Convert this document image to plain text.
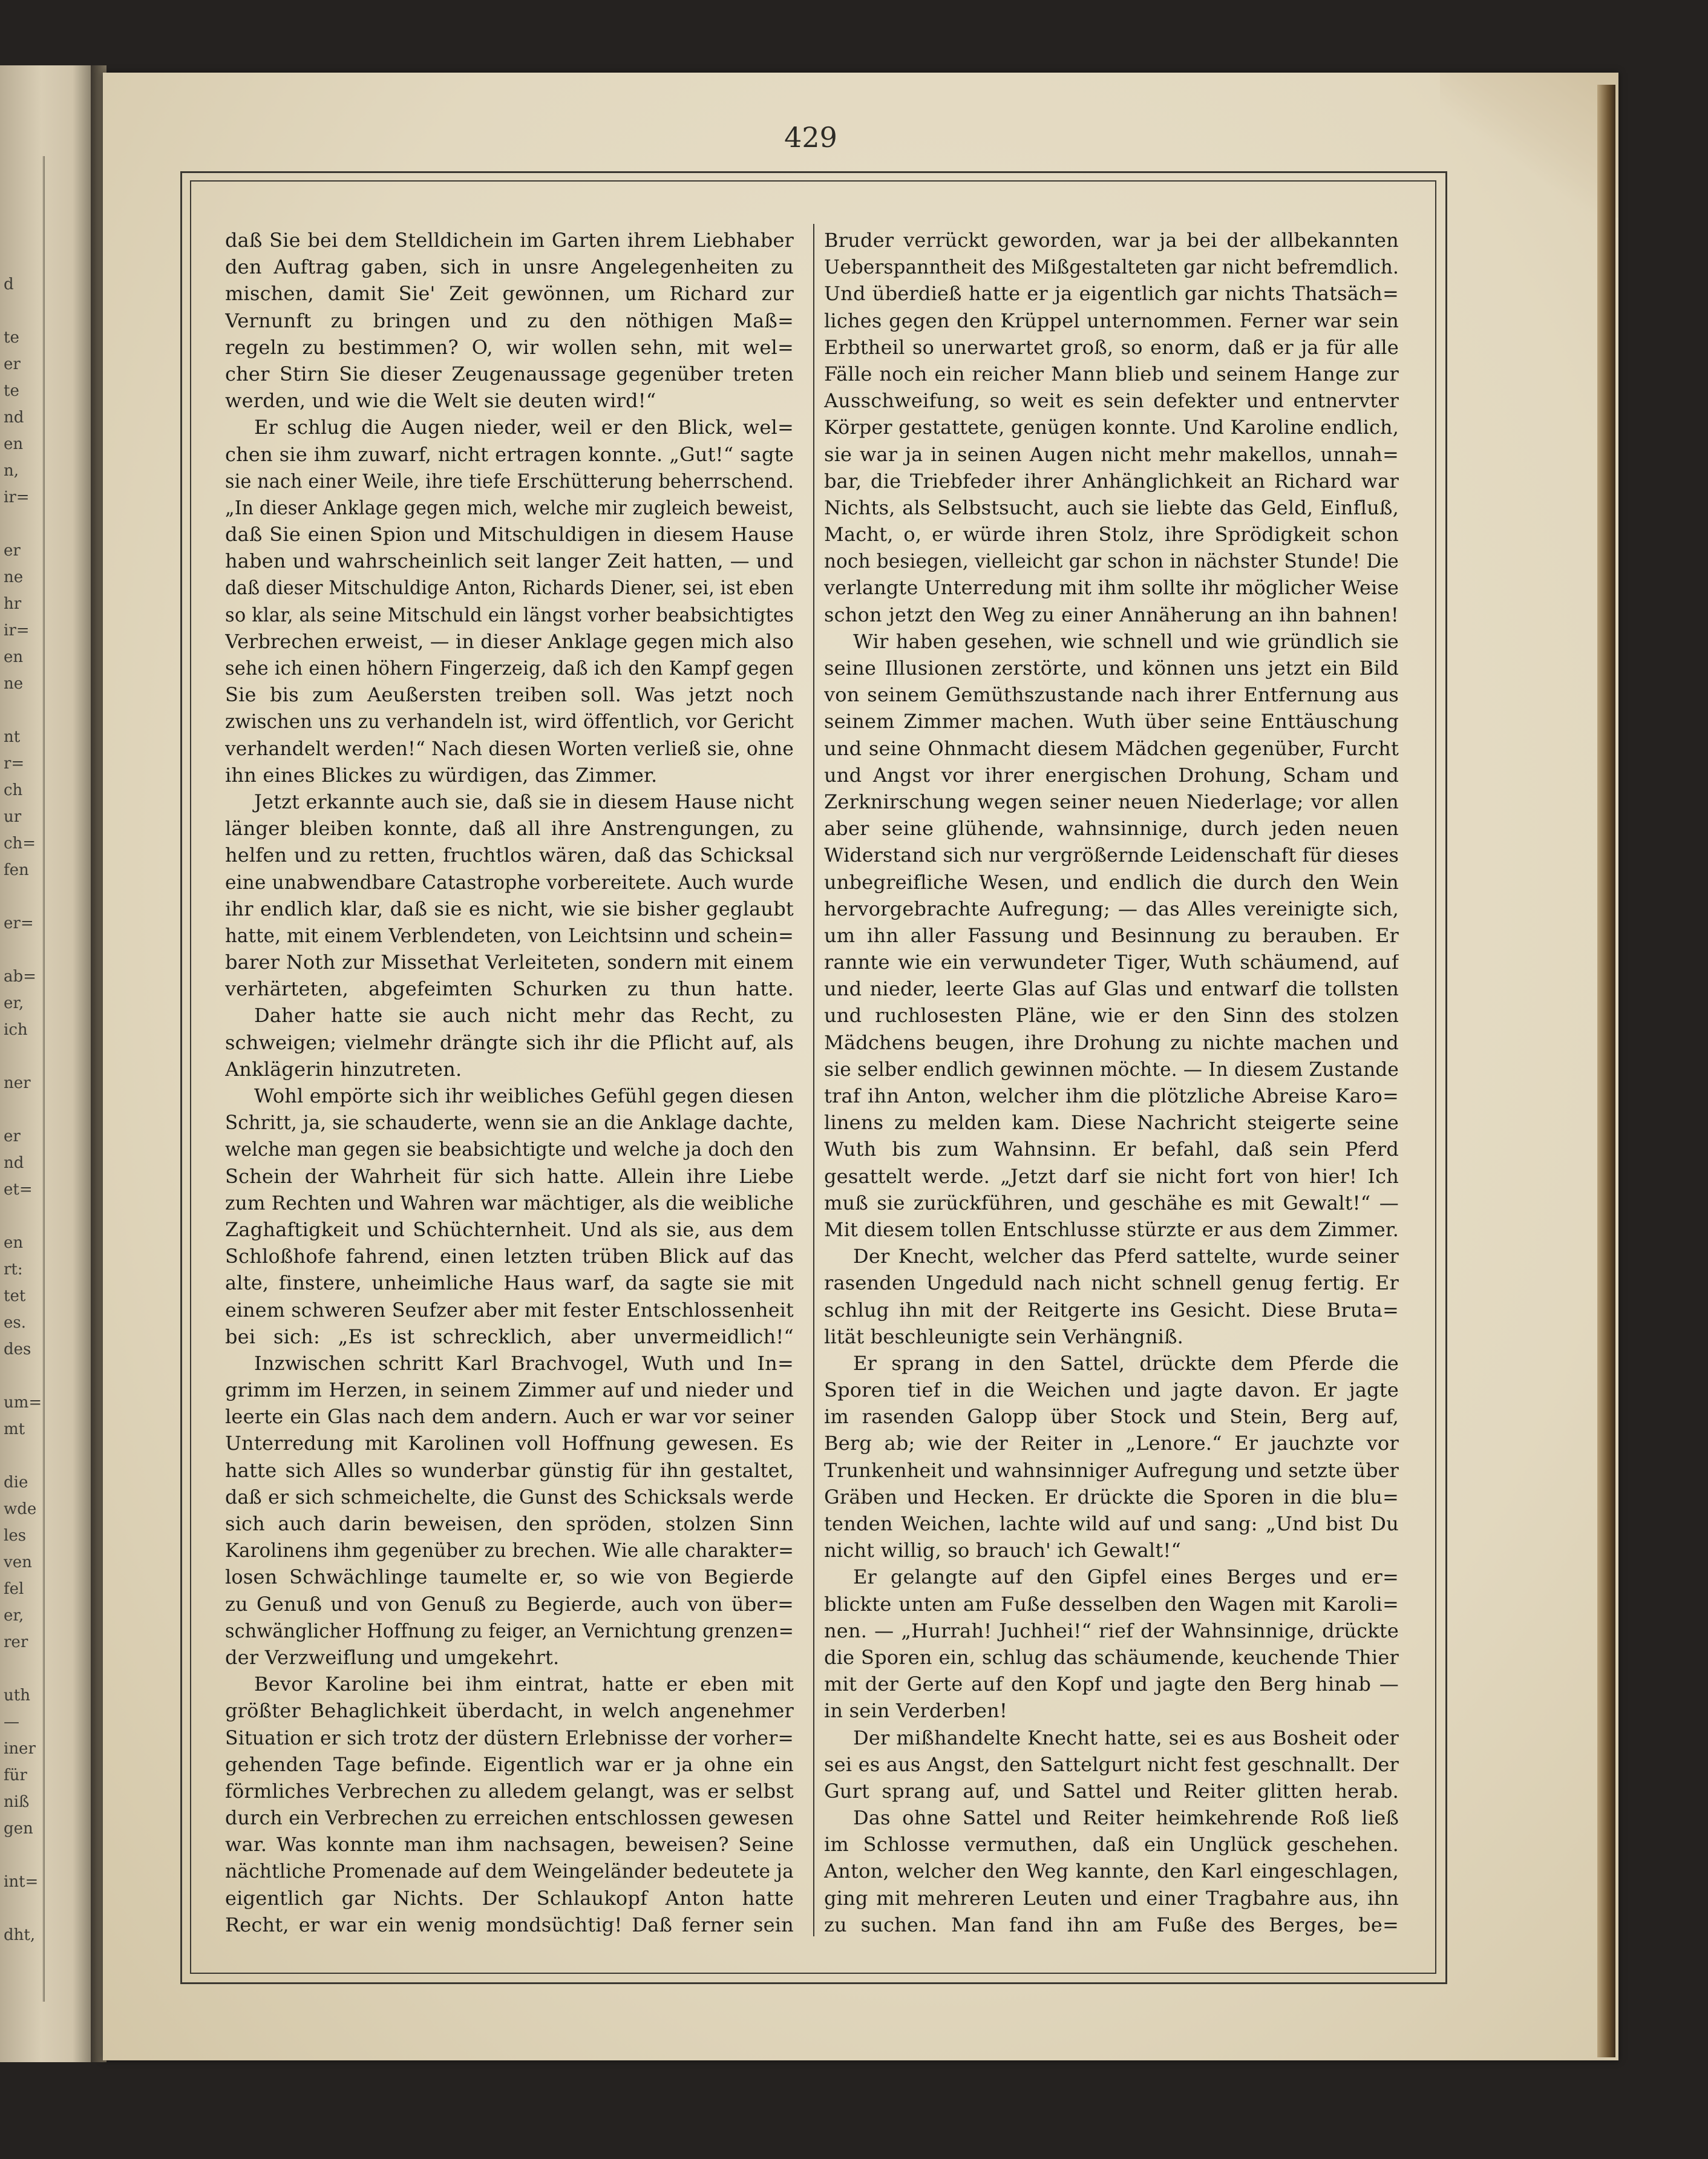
d
te
er
te
nd
en
n,
ir=
er
ne
hr
ir=
en
ne
nt
r=
ch
ur
ch=
fen
er=
ab=
er,
ich
ner
er
nd
et=
en
rt:
tet
es.
des
um=
mt
die
wde
les
ven
fel
er,
rer
uth
—
iner
für
niß
gen
int=
dht,
429
daß Sie bei dem Stelldichein im Garten ihrem Liebhaber
den Auftrag gaben, sich in unsre Angelegenheiten zu
mischen, damit Sie' Zeit gewönnen, um Richard zur
Vernunft zu bringen und zu den nöthigen Maß=
regeln zu bestimmen? O, wir wollen sehn, mit wel=
cher Stirn Sie dieser Zeugenaussage gegenüber treten
werden, und wie die Welt sie deuten wird!“
Er schlug die Augen nieder, weil er den Blick, wel=
chen sie ihm zuwarf, nicht ertragen konnte. „Gut!“ sagte
sie nach einer Weile, ihre tiefe Erschütterung beherrschend.
„In dieser Anklage gegen mich, welche mir zugleich beweist,
daß Sie einen Spion und Mitschuldigen in diesem Hause
haben und wahrscheinlich seit langer Zeit hatten, — und
daß dieser Mitschuldige Anton, Richards Diener, sei, ist eben
so klar, als seine Mitschuld ein längst vorher beabsichtigtes
Verbrechen erweist, — in dieser Anklage gegen mich also
sehe ich einen höhern Fingerzeig, daß ich den Kampf gegen
Sie bis zum Aeußersten treiben soll. Was jetzt noch
zwischen uns zu verhandeln ist, wird öffentlich, vor Gericht
verhandelt werden!“ Nach diesen Worten verließ sie, ohne
ihn eines Blickes zu würdigen, das Zimmer.
Jetzt erkannte auch sie, daß sie in diesem Hause nicht
länger bleiben konnte, daß all ihre Anstrengungen, zu
helfen und zu retten, fruchtlos wären, daß das Schicksal
eine unabwendbare Catastrophe vorbereitete. Auch wurde
ihr endlich klar, daß sie es nicht, wie sie bisher geglaubt
hatte, mit einem Verblendeten, von Leichtsinn und schein=
barer Noth zur Missethat Verleiteten, sondern mit einem
verhärteten, abgefeimten Schurken zu thun hatte.
Daher hatte sie auch nicht mehr das Recht, zu
schweigen; vielmehr drängte sich ihr die Pflicht auf, als
Anklägerin hinzutreten.
Wohl empörte sich ihr weibliches Gefühl gegen diesen
Schritt, ja, sie schauderte, wenn sie an die Anklage dachte,
welche man gegen sie beabsichtigte und welche ja doch den
Schein der Wahrheit für sich hatte. Allein ihre Liebe
zum Rechten und Wahren war mächtiger, als die weibliche
Zaghaftigkeit und Schüchternheit. Und als sie, aus dem
Schloßhofe fahrend, einen letzten trüben Blick auf das
alte, finstere, unheimliche Haus warf, da sagte sie mit
einem schweren Seufzer aber mit fester Entschlossenheit
bei sich: „Es ist schrecklich, aber unvermeidlich!“
Inzwischen schritt Karl Brachvogel, Wuth und In=
grimm im Herzen, in seinem Zimmer auf und nieder und
leerte ein Glas nach dem andern. Auch er war vor seiner
Unterredung mit Karolinen voll Hoffnung gewesen. Es
hatte sich Alles so wunderbar günstig für ihn gestaltet,
daß er sich schmeichelte, die Gunst des Schicksals werde
sich auch darin beweisen, den spröden, stolzen Sinn
Karolinens ihm gegenüber zu brechen. Wie alle charakter=
losen Schwächlinge taumelte er, so wie von Begierde
zu Genuß und von Genuß zu Begierde, auch von über=
schwänglicher Hoffnung zu feiger, an Vernichtung grenzen=
der Verzweiflung und umgekehrt.
Bevor Karoline bei ihm eintrat, hatte er eben mit
größter Behaglichkeit überdacht, in welch angenehmer
Situation er sich trotz der düstern Erlebnisse der vorher=
gehenden Tage befinde. Eigentlich war er ja ohne ein
förmliches Verbrechen zu alledem gelangt, was er selbst
durch ein Verbrechen zu erreichen entschlossen gewesen
war. Was konnte man ihm nachsagen, beweisen? Seine
nächtliche Promenade auf dem Weingeländer bedeutete ja
eigentlich gar Nichts. Der Schlaukopf Anton hatte
Recht, er war ein wenig mondsüchtig! Daß ferner sein
Bruder verrückt geworden, war ja bei der allbekannten
Ueberspanntheit des Mißgestalteten gar nicht befremdlich.
Und überdieß hatte er ja eigentlich gar nichts Thatsäch=
liches gegen den Krüppel unternommen. Ferner war sein
Erbtheil so unerwartet groß, so enorm, daß er ja für alle
Fälle noch ein reicher Mann blieb und seinem Hange zur
Ausschweifung, so weit es sein defekter und entnervter
Körper gestattete, genügen konnte. Und Karoline endlich,
sie war ja in seinen Augen nicht mehr makellos, unnah=
bar, die Triebfeder ihrer Anhänglichkeit an Richard war
Nichts, als Selbstsucht, auch sie liebte das Geld, Einfluß,
Macht, o, er würde ihren Stolz, ihre Sprödigkeit schon
noch besiegen, vielleicht gar schon in nächster Stunde! Die
verlangte Unterredung mit ihm sollte ihr möglicher Weise
schon jetzt den Weg zu einer Annäherung an ihn bahnen!
Wir haben gesehen, wie schnell und wie gründlich sie
seine Illusionen zerstörte, und können uns jetzt ein Bild
von seinem Gemüthszustande nach ihrer Entfernung aus
seinem Zimmer machen. Wuth über seine Enttäuschung
und seine Ohnmacht diesem Mädchen gegenüber, Furcht
und Angst vor ihrer energischen Drohung, Scham und
Zerknirschung wegen seiner neuen Niederlage; vor allen
aber seine glühende, wahnsinnige, durch jeden neuen
Widerstand sich nur vergrößernde Leidenschaft für dieses
unbegreifliche Wesen, und endlich die durch den Wein
hervorgebrachte Aufregung; — das Alles vereinigte sich,
um ihn aller Fassung und Besinnung zu berauben. Er
rannte wie ein verwundeter Tiger, Wuth schäumend, auf
und nieder, leerte Glas auf Glas und entwarf die tollsten
und ruchlosesten Pläne, wie er den Sinn des stolzen
Mädchens beugen, ihre Drohung zu nichte machen und
sie selber endlich gewinnen möchte. — In diesem Zustande
traf ihn Anton, welcher ihm die plötzliche Abreise Karo=
linens zu melden kam. Diese Nachricht steigerte seine
Wuth bis zum Wahnsinn. Er befahl, daß sein Pferd
gesattelt werde. „Jetzt darf sie nicht fort von hier! Ich
muß sie zurückführen, und geschähe es mit Gewalt!“ —
Mit diesem tollen Entschlusse stürzte er aus dem Zimmer.
Der Knecht, welcher das Pferd sattelte, wurde seiner
rasenden Ungeduld nach nicht schnell genug fertig. Er
schlug ihn mit der Reitgerte ins Gesicht. Diese Bruta=
lität beschleunigte sein Verhängniß.
Er sprang in den Sattel, drückte dem Pferde die
Sporen tief in die Weichen und jagte davon. Er jagte
im rasenden Galopp über Stock und Stein, Berg auf,
Berg ab; wie der Reiter in „Lenore.“ Er jauchzte vor
Trunkenheit und wahnsinniger Aufregung und setzte über
Gräben und Hecken. Er drückte die Sporen in die blu=
tenden Weichen, lachte wild auf und sang: „Und bist Du
nicht willig, so brauch' ich Gewalt!“
Er gelangte auf den Gipfel eines Berges und er=
blickte unten am Fuße desselben den Wagen mit Karoli=
nen. — „Hurrah! Juchhei!“ rief der Wahnsinnige, drückte
die Sporen ein, schlug das schäumende, keuchende Thier
mit der Gerte auf den Kopf und jagte den Berg hinab —
in sein Verderben!
Der mißhandelte Knecht hatte, sei es aus Bosheit oder
sei es aus Angst, den Sattelgurt nicht fest geschnallt. Der
Gurt sprang auf, und Sattel und Reiter glitten herab.
Das ohne Sattel und Reiter heimkehrende Roß ließ
im Schlosse vermuthen, daß ein Unglück geschehen.
Anton, welcher den Weg kannte, den Karl eingeschlagen,
ging mit mehreren Leuten und einer Tragbahre aus, ihn
zu suchen. Man fand ihn am Fuße des Berges, be=
